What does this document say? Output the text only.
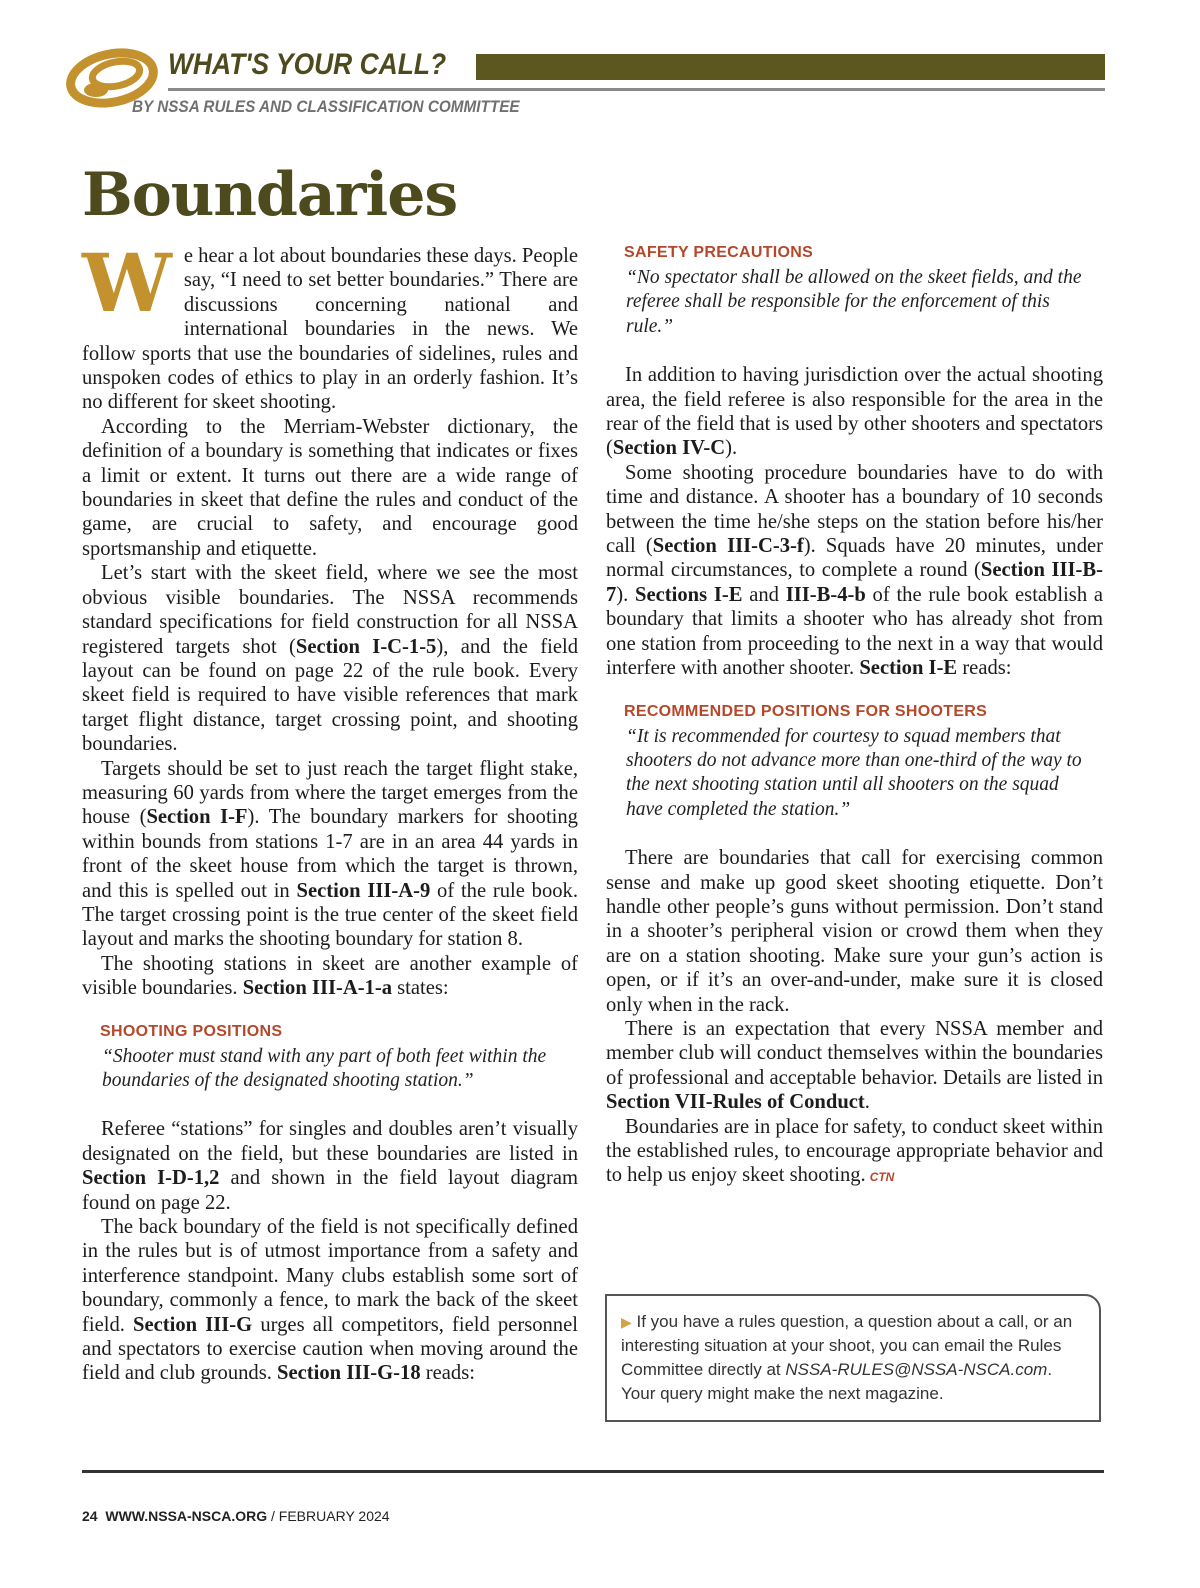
WHAT'S YOUR CALL?
BY NSSA RULES AND CLASSIFICATION COMMITTEE
Boundaries

We hear a lot about boundaries these days. People say, “I need to set better boundaries.” There are discussions concerning national and international boundaries in the news. We follow sports that use the boundaries of sidelines, rules and unspoken codes of ethics to play in an orderly fashion. It’s no different for skeet shooting.

According to the Merriam-Webster dictionary, the definition of a boundary is something that indicates or fixes a limit or extent. It turns out there are a wide range of boundaries in skeet that define the rules and conduct of the game, are crucial to safety, and encourage good sportsmanship and etiquette.

Let’s start with the skeet field, where we see the most obvious visible boundaries. The NSSA recommends standard specifications for field construction for all NSSA registered targets shot (Section I-C-1-5), and the field layout can be found on page 22 of the rule book. Every skeet field is required to have visible references that mark target flight distance, target crossing point, and shooting boundaries.

Targets should be set to just reach the target flight stake, measuring 60 yards from where the target emerges from the house (Section I-F). The boundary markers for shooting within bounds from stations 1-7 are in an area 44 yards in front of the skeet house from which the target is thrown, and this is spelled out in Section III-A-9 of the rule book. The target crossing point is the true center of the skeet field layout and marks the shooting boundary for station 8.

The shooting stations in skeet are another example of visible boundaries. Section III-A-1-a states:

SHOOTING POSITIONS
“Shooter must stand with any part of both feet within the boundaries of the designated shooting station.”

Referee “stations” for singles and doubles aren’t visually designated on the field, but these boundaries are listed in Section I-D-1,2 and shown in the field layout diagram found on page 22.

The back boundary of the field is not specifically defined in the rules but is of utmost importance from a safety and interference standpoint. Many clubs establish some sort of boundary, commonly a fence, to mark the back of the skeet field. Section III-G urges all competitors, field personnel and spectators to exercise caution when moving around the field and club grounds. Section III-G-18 reads:

SAFETY PRECAUTIONS
“No spectator shall be allowed on the skeet fields, and the referee shall be responsible for the enforcement of this rule.”

In addition to having jurisdiction over the actual shooting area, the field referee is also responsible for the area in the rear of the field that is used by other shooters and spectators (Section IV-C).

Some shooting procedure boundaries have to do with time and distance. A shooter has a boundary of 10 seconds between the time he/she steps on the station before his/her call (Section III-C-3-f). Squads have 20 minutes, under normal circumstances, to complete a round (Section III-B-7). Sections I-E and III-B-4-b of the rule book establish a boundary that limits a shooter who has already shot from one station from proceeding to the next in a way that would interfere with another shooter. Section I-E reads:

RECOMMENDED POSITIONS FOR SHOOTERS
“It is recommended for courtesy to squad members that shooters do not advance more than one-third of the way to the next shooting station until all shooters on the squad have completed the station.”

There are boundaries that call for exercising common sense and make up good skeet shooting etiquette. Don’t handle other people’s guns without permission. Don’t stand in a shooter’s peripheral vision or crowd them when they are on a station shooting. Make sure your gun’s action is open, or if it’s an over-and-under, make sure it is closed only when in the rack.

There is an expectation that every NSSA member and member club will conduct themselves within the boundaries of professional and acceptable behavior. Details are listed in Section VII-Rules of Conduct.

Boundaries are in place for safety, to conduct skeet within the established rules, to encourage appropriate behavior and to help us enjoy skeet shooting. CTN

▶ If you have a rules question, a question about a call, or an interesting situation at your shoot, you can email the Rules Committee directly at NSSA-RULES@NSSA-NSCA.com. Your query might make the next magazine.
24 WWW.NSSA-NSCA.ORG / FEBRUARY 2024
